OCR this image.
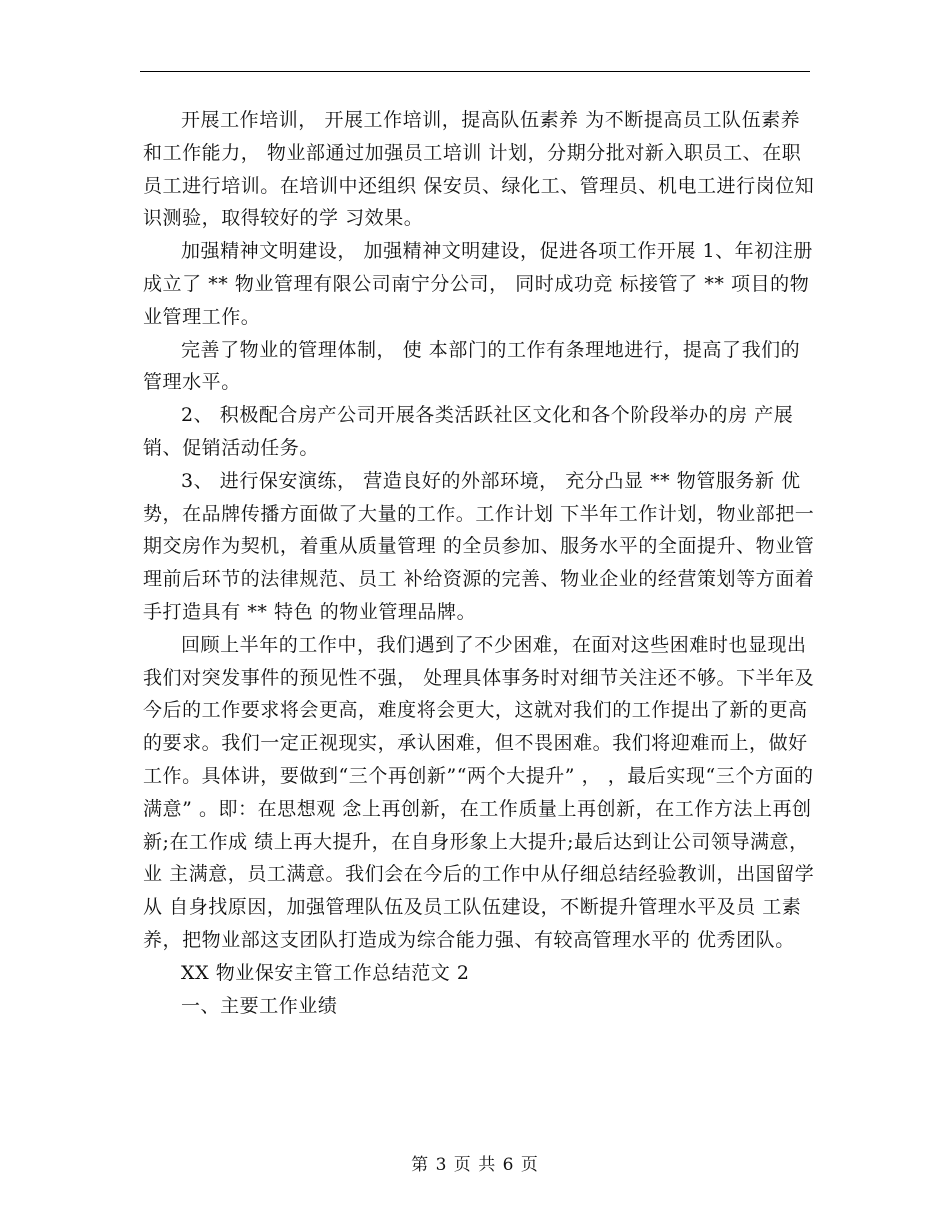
开展工作培训， 开展工作培训，提高队伍素养 为不断提高员工队伍素养和工作能力， 物业部通过加强员工培训 计划，分期分批对新入职员工、在职员工进行培训。在培训中还组织 保安员、绿化工、管理员、机电工进行岗位知识测验，取得较好的学 习效果。

加强精神文明建设， 加强精神文明建设，促进各项工作开展 1、年初注册成立了 ** 物业管理有限公司南宁分公司， 同时成功竞 标接管了 ** 项目的物业管理工作。

完善了物业的管理体制， 使 本部门的工作有条理地进行，提高了我们的管理水平。

2、 积极配合房产公司开展各类活跃社区文化和各个阶段举办的房 产展销、促销活动任务。

3、 进行保安演练， 营造良好的外部环境， 充分凸显 ** 物管服务新 优势，在品牌传播方面做了大量的工作。工作计划 下半年工作计划，物业部把一期交房作为契机，着重从质量管理 的全员参加、服务水平的全面提升、物业管理前后环节的法律规范、员工 补给资源的完善、物业企业的经营策划等方面着手打造具有 ** 特色 的物业管理品牌。

回顾上半年的工作中，我们遇到了不少困难，在面对这些困难时也显现出我们对突发事件的预见性不强， 处理具体事务时对细节关注还不够。下半年及今后的工作要求将会更高，难度将会更大，这就对我们的工作提出了新的更高的要求。我们一定正视现实，承认困难，但不畏困难。我们将迎难而上，做好工作。具体讲，要做到“三个再创新”“两个大提升” ， ，最后实现“三个方面的满意” 。即：在思想观 念上再创新，在工作质量上再创新，在工作方法上再创新;在工作成 绩上再大提升，在自身形象上大提升;最后达到让公司领导满意，业 主满意，员工满意。我们会在今后的工作中从仔细总结经验教训，出国留学从 自身找原因，加强管理队伍及员工队伍建设，不断提升管理水平及员 工素养，把物业部这支团队打造成为综合能力强、有较高管理水平的 优秀团队。

XX 物业保安主管工作总结范文 2

一、主要工作业绩

第 3 页 共 6 页
